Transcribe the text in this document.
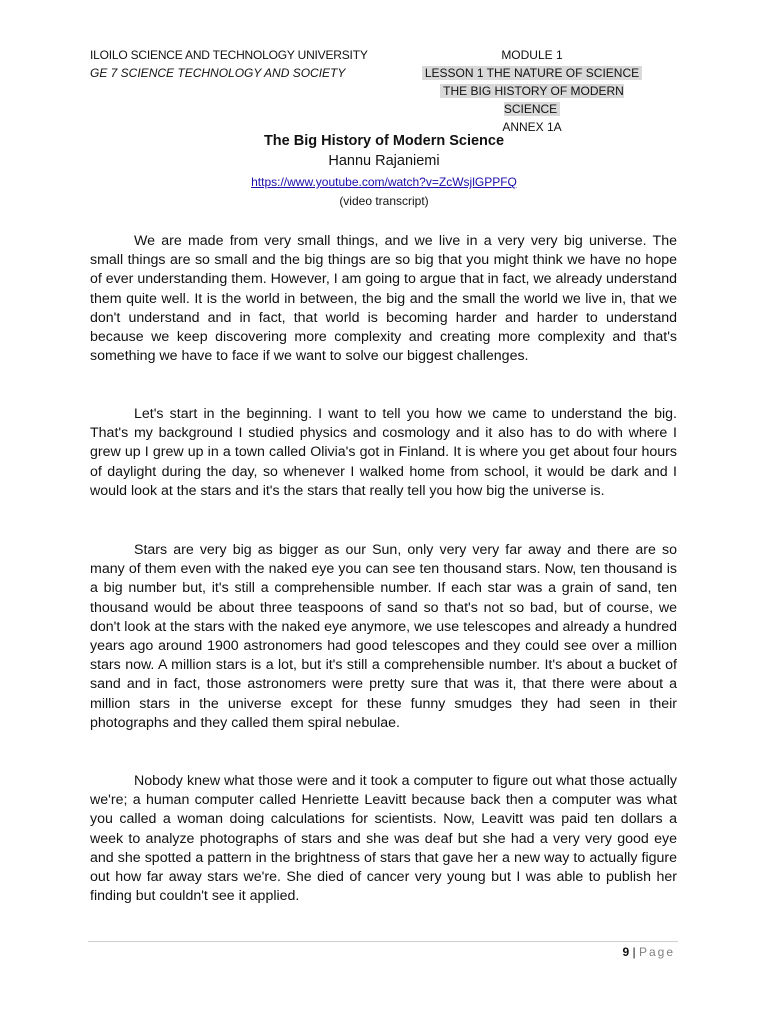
ILOILO SCIENCE AND TECHNOLOGY UNIVERSITY
GE 7 SCIENCE TECHNOLOGY AND SOCIETY
MODULE 1
LESSON 1 THE NATURE OF SCIENCE
THE BIG HISTORY OF MODERN SCIENCE
ANNEX 1A
The Big History of Modern Science
Hannu Rajaniemi
https://www.youtube.com/watch?v=ZcWsjlGPPFQ
(video transcript)

We are made from very small things, and we live in a very very big universe. The small things are so small and the big things are so big that you might think we have no hope of ever understanding them. However, I am going to argue that in fact, we already understand them quite well. It is the world in between, the big and the small the world we live in, that we don't understand and in fact, that world is becoming harder and harder to understand because we keep discovering more complexity and creating more complexity and that's something we have to face if we want to solve our biggest challenges.

Let's start in the beginning. I want to tell you how we came to understand the big. That's my background I studied physics and cosmology and it also has to do with where I grew up I grew up in a town called Olivia's got in Finland. It is where you get about four hours of daylight during the day, so whenever I walked home from school, it would be dark and I would look at the stars and it's the stars that really tell you how big the universe is.

Stars are very big as bigger as our Sun, only very very far away and there are so many of them even with the naked eye you can see ten thousand stars. Now, ten thousand is a big number but, it's still a comprehensible number. If each star was a grain of sand, ten thousand would be about three teaspoons of sand so that's not so bad, but of course, we don't look at the stars with the naked eye anymore, we use telescopes and already a hundred years ago around 1900 astronomers had good telescopes and they could see over a million stars now. A million stars is a lot, but it's still a comprehensible number. It's about a bucket of sand and in fact, those astronomers were pretty sure that was it, that there were about a million stars in the universe except for these funny smudges they had seen in their photographs and they called them spiral nebulae.

Nobody knew what those were and it took a computer to figure out what those actually we're; a human computer called Henriette Leavitt because back then a computer was what you called a woman doing calculations for scientists. Now, Leavitt was paid ten dollars a week to analyze photographs of stars and she was deaf but she had a very very good eye and she spotted a pattern in the brightness of stars that gave her a new way to actually figure out how far away stars we're. She died of cancer very young but I was able to publish her finding but couldn't see it applied.

9 | Page
